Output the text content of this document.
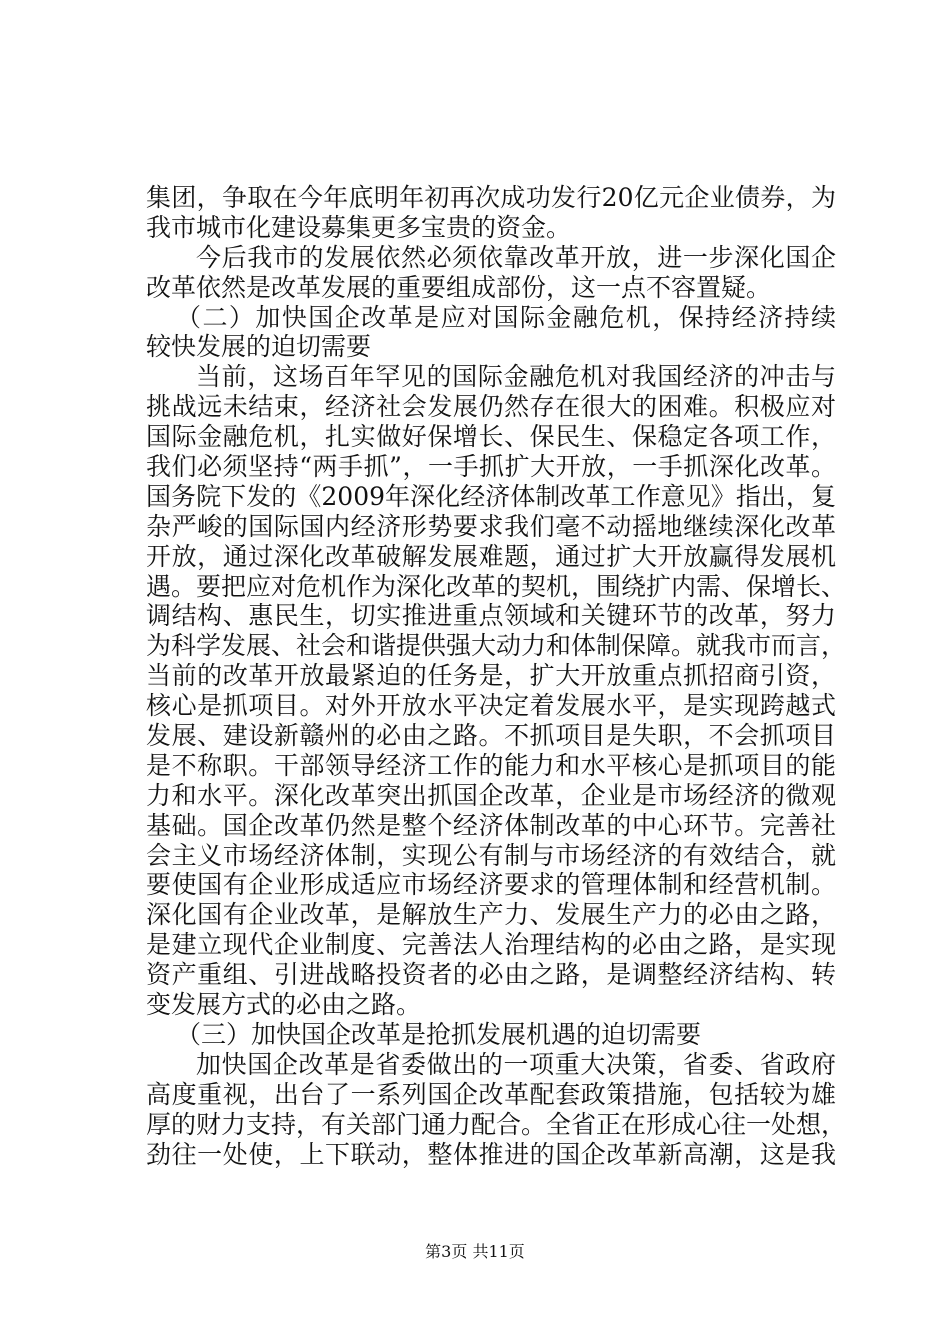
集团，争取在今年底明年初再次成功发行20亿元企业债券，为
我市城市化建设募集更多宝贵的资金。
今后我市的发展依然必须依靠改革开放，进一步深化国企
改革依然是改革发展的重要组成部份，这一点不容置疑。
（二）加快国企改革是应对国际金融危机，保持经济持续
较快发展的迫切需要
当前，这场百年罕见的国际金融危机对我国经济的冲击与
挑战远未结束，经济社会发展仍然存在很大的困难。积极应对
国际金融危机，扎实做好保增长、保民生、保稳定各项工作，
我们必须坚持“两手抓”，一手抓扩大开放，一手抓深化改革。
国务院下发的《2009年深化经济体制改革工作意见》指出，复
杂严峻的国际国内经济形势要求我们毫不动摇地继续深化改革
开放，通过深化改革破解发展难题，通过扩大开放赢得发展机
遇。要把应对危机作为深化改革的契机，围绕扩内需、保增长、
调结构、惠民生，切实推进重点领域和关键环节的改革，努力
为科学发展、社会和谐提供强大动力和体制保障。就我市而言，
当前的改革开放最紧迫的任务是，扩大开放重点抓招商引资，
核心是抓项目。对外开放水平决定着发展水平，是实现跨越式
发展、建设新赣州的必由之路。不抓项目是失职，不会抓项目
是不称职。干部领导经济工作的能力和水平核心是抓项目的能
力和水平。深化改革突出抓国企改革，企业是市场经济的微观
基础。国企改革仍然是整个经济体制改革的中心环节。完善社
会主义市场经济体制，实现公有制与市场经济的有效结合，就
要使国有企业形成适应市场经济要求的管理体制和经营机制。
深化国有企业改革，是解放生产力、发展生产力的必由之路，
是建立现代企业制度、完善法人治理结构的必由之路，是实现
资产重组、引进战略投资者的必由之路，是调整经济结构、转
变发展方式的必由之路。
（三）加快国企改革是抢抓发展机遇的迫切需要
加快国企改革是省委做出的一项重大决策，省委、省政府
高度重视，出台了一系列国企改革配套政策措施，包括较为雄
厚的财力支持，有关部门通力配合。全省正在形成心往一处想，
劲往一处使，上下联动，整体推进的国企改革新高潮，这是我
第3页 共11页
